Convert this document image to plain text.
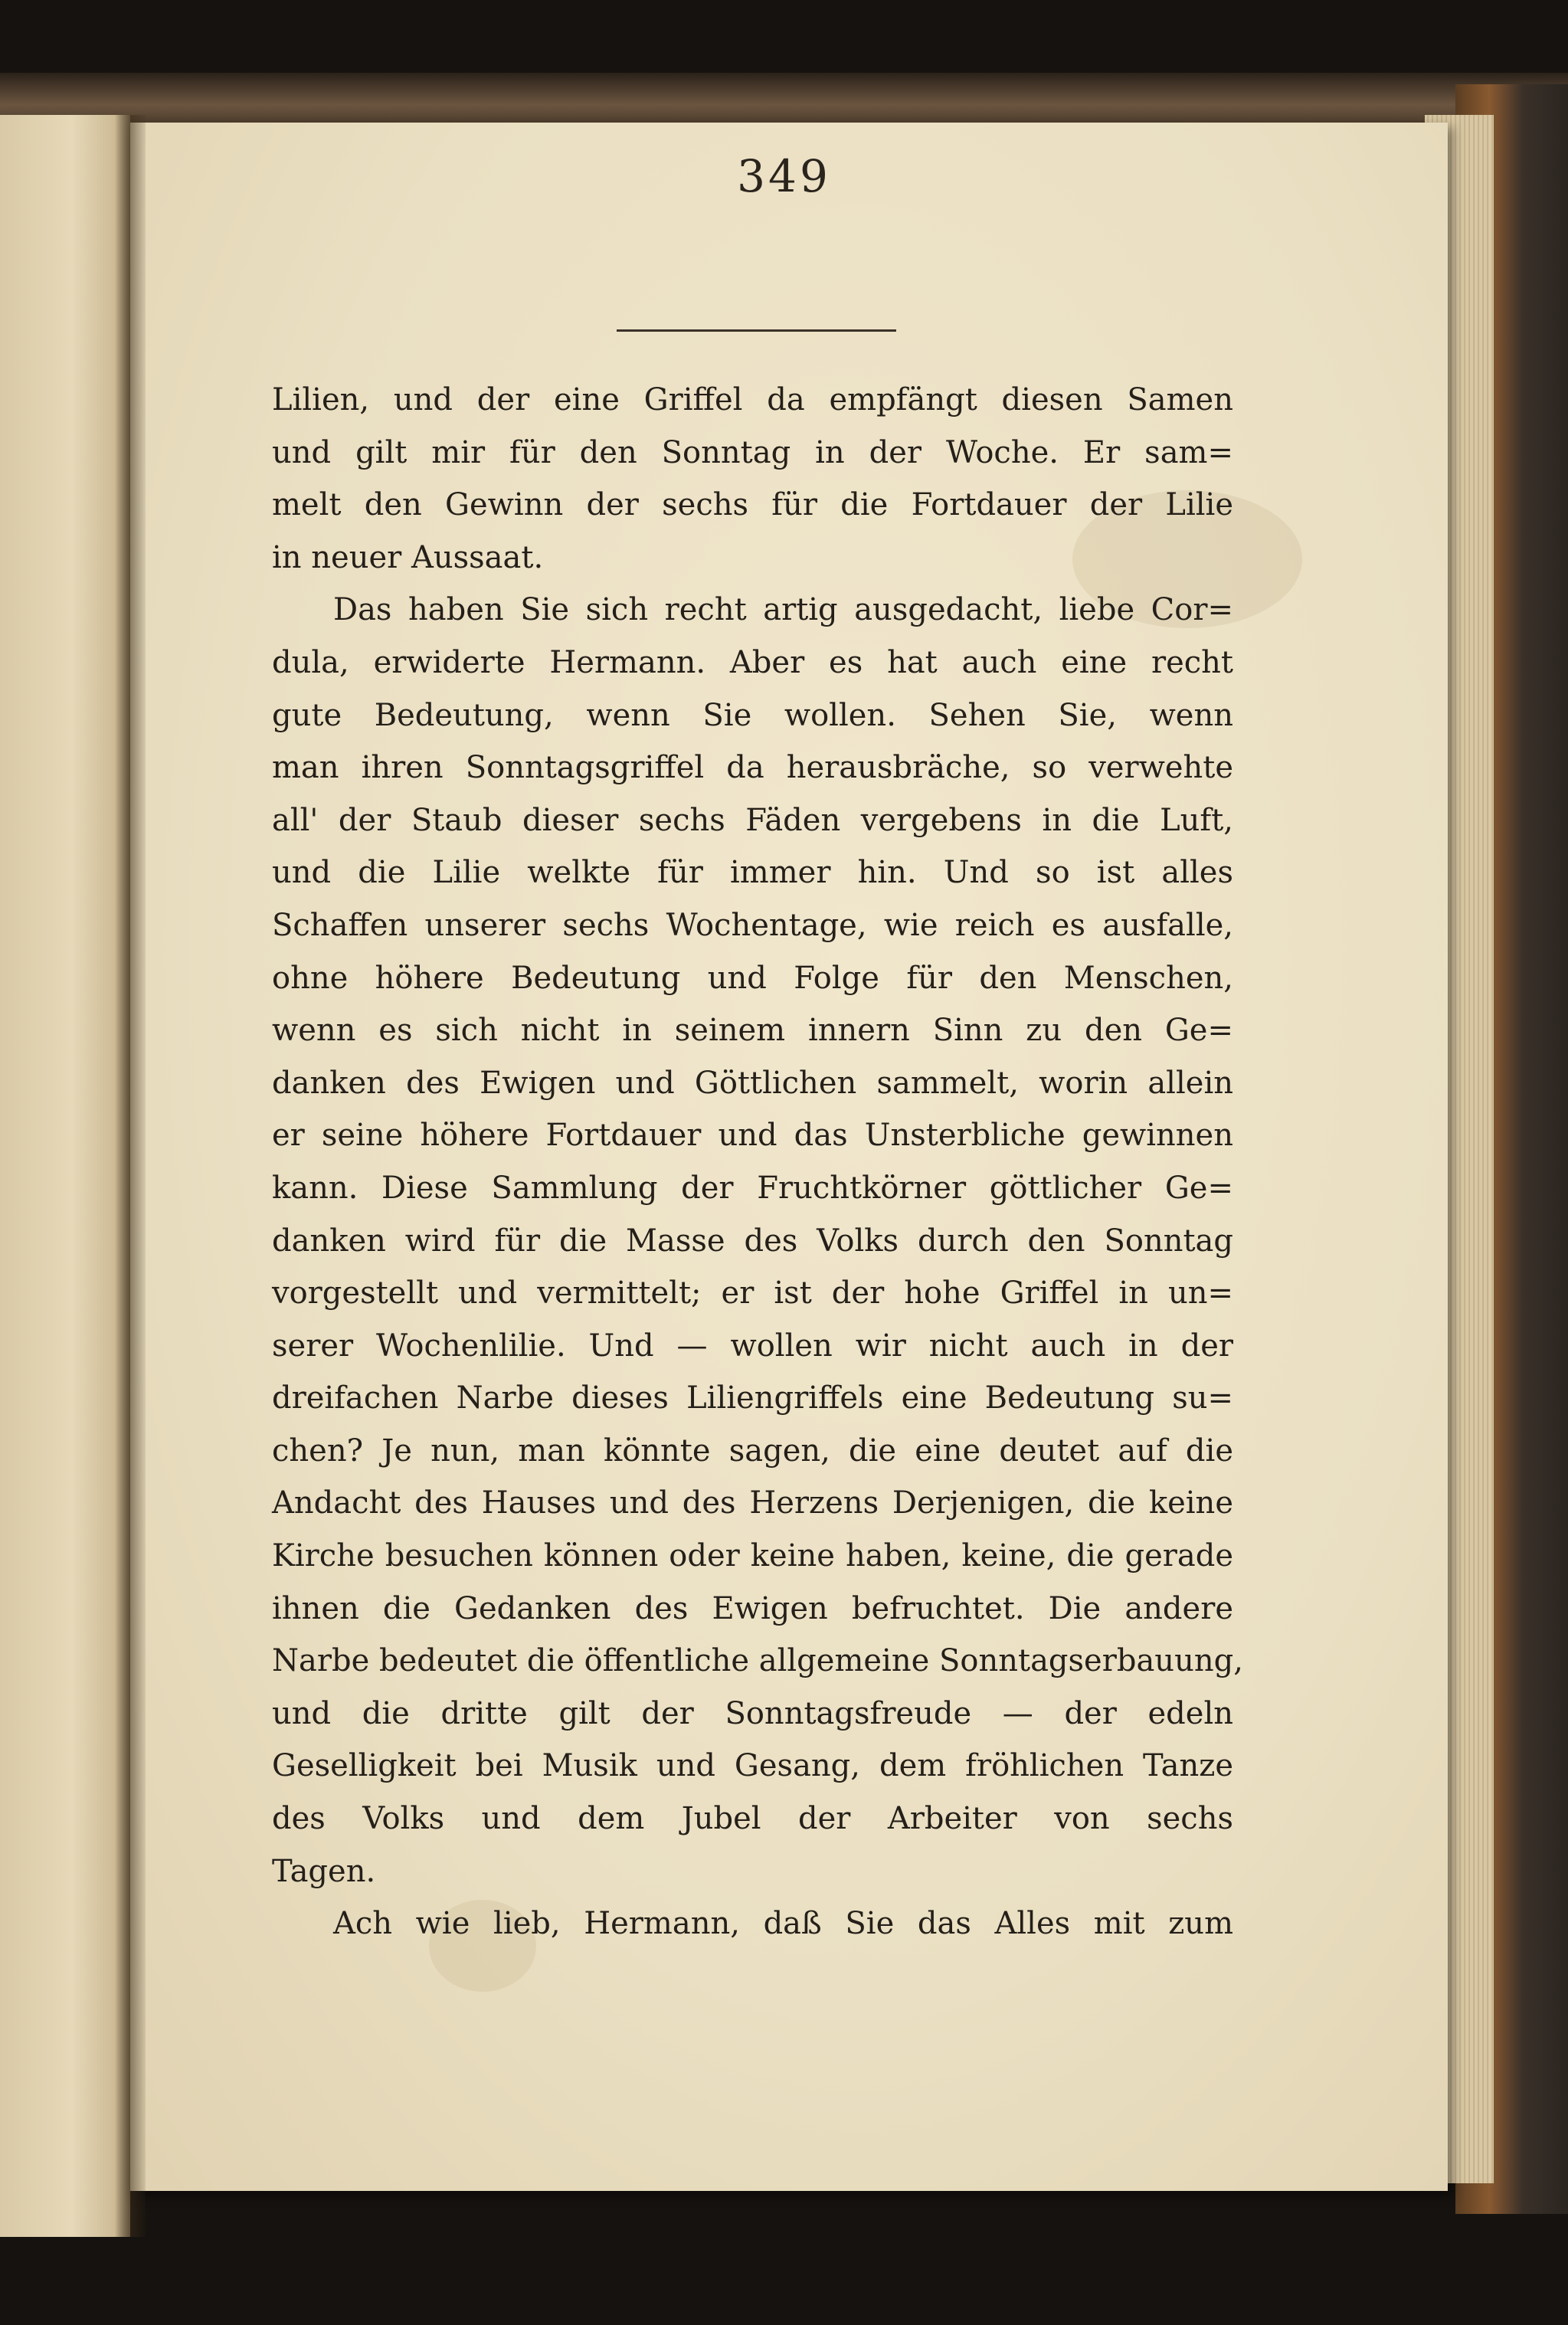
349
Lilien, und der eine Griffel da empfängt diesen Samen
und gilt mir für den Sonntag in der Woche. Er sam=
melt den Gewinn der sechs für die Fortdauer der Lilie
in neuer Aussaat.
Das haben Sie sich recht artig ausgedacht, liebe Cor=
dula, erwiderte Hermann. Aber es hat auch eine recht
gute Bedeutung, wenn Sie wollen. Sehen Sie, wenn
man ihren Sonntagsgriffel da herausbräche, so verwehte
all' der Staub dieser sechs Fäden vergebens in die Luft,
und die Lilie welkte für immer hin. Und so ist alles
Schaffen unserer sechs Wochentage, wie reich es ausfalle,
ohne höhere Bedeutung und Folge für den Menschen,
wenn es sich nicht in seinem innern Sinn zu den Ge=
danken des Ewigen und Göttlichen sammelt, worin allein
er seine höhere Fortdauer und das Unsterbliche gewinnen
kann. Diese Sammlung der Fruchtkörner göttlicher Ge=
danken wird für die Masse des Volks durch den Sonntag
vorgestellt und vermittelt; er ist der hohe Griffel in un=
serer Wochenlilie. Und — wollen wir nicht auch in der
dreifachen Narbe dieses Liliengriffels eine Bedeutung su=
chen? Je nun, man könnte sagen, die eine deutet auf die
Andacht des Hauses und des Herzens Derjenigen, die keine
Kirche besuchen können oder keine haben, keine, die gerade
ihnen die Gedanken des Ewigen befruchtet. Die andere
Narbe bedeutet die öffentliche allgemeine Sonntagserbauung,
und die dritte gilt der Sonntagsfreude — der edeln
Geselligkeit bei Musik und Gesang, dem fröhlichen Tanze
des Volks und dem Jubel der Arbeiter von sechs
Tagen.
Ach wie lieb, Hermann, daß Sie das Alles mit zum
